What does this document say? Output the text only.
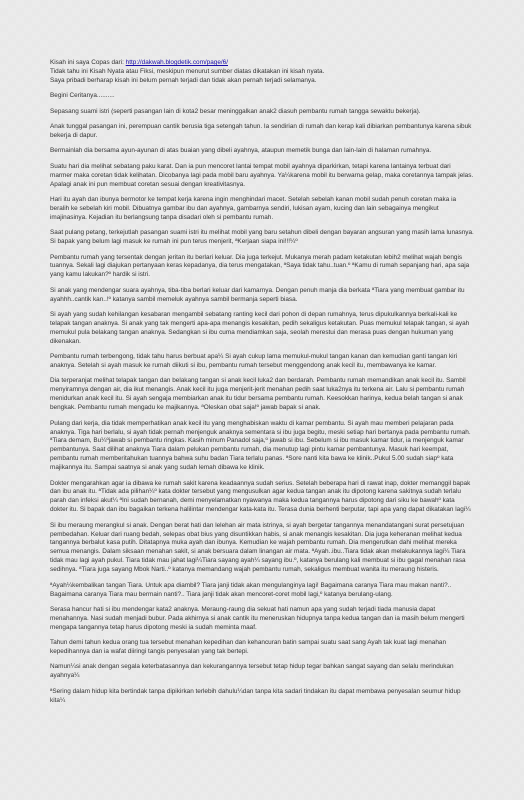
Kisah ini saya Copas dari: http://dakwah.blogdetik.com/page/6/

Tidak tahu ini Kisah Nyata atau Fiksi, meskipun menurut sumber diatas dikatakan ini kisah nyata.

Saya pribadi berharap kisah ini belum pernah terjadi dan tidak akan pernah terjadi selamanya.

Begini Ceritanya..........

Sepasang suami istri (seperti pasangan lain di kota2 besar meninggalkan anak2 diasuh pembantu rumah tangga sewaktu bekerja).

Anak tunggal pasangan ini, perempuan cantik berusia tiga setengah tahun. Ia sendirian di rumah dan kerap kali dibiarkan pembantunya karena sibuk bekerja di dapur.

Bermainlah dia bersama ayun-ayunan di atas buaian yang dibeli ayahnya, ataupun memetik bunga dan lain-lain di halaman rumahnya.

Suatu hari dia melihat sebatang paku karat. Dan ia pun mencoret lantai tempat mobil ayahnya diparkirkan, tetapi karena lantainya terbuat dari marmer maka coretan tidak kelihatan. Dicobanya lagi pada mobil baru ayahnya. Ya¼karena mobil itu berwarna gelap, maka coretannya tampak jelas. Apalagi anak ini pun membuat coretan sesuai dengan kreativitasnya.

Hari itu ayah dan ibunya bermotor ke tempat kerja karena ingin menghindari macet. Setelah sebelah kanan mobil sudah penuh coretan maka ia beralih ke sebelah kiri mobil. Dibuatnya gambar ibu dan ayahnya, gambarnya sendiri, lukisan ayam, kucing dan lain sebagainya mengikut imajinasinya. Kejadian itu berlangsung tanpa disadari oleh si pembantu rumah.

Saat pulang petang, terkejutlah pasangan suami istri itu melihat mobil yang baru setahun dibeli dengan bayaran angsuran yang masih lama lunasnya. Si bapak yang belum lagi masuk ke rumah ini pun terus menjerit, ªKerjaan siapa ini!!!¼º

Pembantu rumah yang tersentak dengan jeritan itu berlari keluar. Dia juga terkejut. Mukanya merah padam ketakutan lebih2 melihat wajah bengis tuannya. Sekali lagi diajukan pertanyaan keras kepadanya, dia terus mengatakan, ªSaya tidak tahu..tuan.º ªKamu di rumah sepanjang hari, apa saja yang kamu lakukan?º hardik si istri.

Si anak yang mendengar suara ayahnya, tiba-tiba berlari keluar dari kamarnya. Dengan penuh manja dia berkata ªTiara yang membuat gambar itu ayahhh..cantik kan..!º katanya sambil memeluk ayahnya sambil bermanja seperti biasa.

Si ayah yang sudah kehilangan kesabaran mengambil sebatang ranting kecil dari pohon di depan rumahnya, terus dipukulkannya berkali-kali ke telapak tangan anaknya. Si anak yang tak mengerti apa-apa menangis kesakitan, pedih sekaligus ketakutan. Puas memukul telapak tangan, si ayah memukul pula belakang tangan anaknya. Sedangkan si ibu cuma mendiamkan saja, seolah merestui dan merasa puas dengan hukuman yang dikenakan.

Pembantu rumah terbengong, tidak tahu harus berbuat apa¼ Si ayah cukup lama memukul-mukul tangan kanan dan kemudian ganti tangan kiri anaknya. Setelah si ayah masuk ke rumah diikuti si ibu, pembantu rumah tersebut menggendong anak kecil itu, membawanya ke kamar.

Dia terperanjat melihat telapak tangan dan belakang tangan si anak kecil luka2 dan berdarah. Pembantu rumah memandikan anak kecil itu. Sambil menyiramnya dengan air, dia ikut menangis. Anak kecil itu juga menjerit-jerit menahan pedih saat luka2nya itu terkena air. Lalu si pembantu rumah menidurkan anak kecil itu. Si ayah sengaja membiarkan anak itu tidur bersama pembantu rumah. Keesokkan harinya, kedua belah tangan si anak bengkak. Pembantu rumah mengadu ke majikannya. ªOleskan obat saja!º jawab bapak si anak.

Pulang dari kerja, dia tidak memperhatikan anak kecil itu yang menghabiskan waktu di kamar pembantu. Si ayah mau memberi pelajaran pada anaknya. Tiga hari berlalu, si ayah tidak pernah menjenguk anaknya sementara si ibu juga begitu, meski setiap hari bertanya pada pembantu rumah. ªTiara demam, Bu¼ºjawab si pembantu ringkas. Kasih minum Panadol saja,º jawab si ibu. Sebelum si ibu masuk kamar tidur, ia menjenguk kamar pembantunya. Saat dilihat anaknya Tiara dalam pelukan pembantu rumah, dia menutup lagi pintu kamar pembantunya. Masuk hari keempat, pembantu rumah memberitahukan tuannya bahwa suhu badan Tiara terlalu panas. ªSore nanti kita bawa ke klinik..Pukul 5.00 sudah siapº kata majikannya itu. Sampai saatnya si anak yang sudah lemah dibawa ke klinik.

Dokter mengarahkan agar ia dibawa ke rumah sakit karena keadaannya sudah serius. Setelah beberapa hari di rawat inap, dokter memanggil bapak dan ibu anak itu. ªTidak ada pilihan¼º kata dokter tersebut yang mengusulkan agar kedua tangan anak itu dipotong karena sakitnya sudah terlalu parah dan infeksi akut¼ ªIni sudah bernanah, demi menyelamatkan nyawanya maka kedua tangannya harus dipotong dari siku ke bawahº kata dokter itu. Si bapak dan ibu bagaikan terkena halilintar mendengar kata-kata itu. Terasa dunia berhenti berputar, tapi apa yang dapat dikatakan lagi¼

Si ibu meraung merangkul si anak. Dengan berat hati dan lelehan air mata istrinya, si ayah bergetar tangannya menandatangani surat persetujuan pembedahan. Keluar dari ruang bedah, selepas obat bius yang disuntikkan habis, si anak menangis kesakitan. Dia juga keheranan melihat kedua tangannya berbalut kasa putih. Ditatapnya muka ayah dan ibunya. Kemudian ke wajah pembantu rumah. Dia mengerutkan dahi melihat mereka semua menangis. Dalam siksaan menahan sakit, si anak bersuara dalam linangan air mata. ªAyah..ibu..Tiara tidak akan melakukannya lagi¼ Tiara tidak mau lagi ayah pukul. Tiara tidak mau jahat lagi¼Tiara sayang ayah¼ sayang ibu.º, katanya berulang kali membuat si ibu gagal menahan rasa sedihnya. ªTiara juga sayang Mbok Narti..º katanya memandang wajah pembantu rumah, sekaligus membuat wanita itu meraung histeris.

ªAyah¼kembalikan tangan Tiara. Untuk apa diambil? Tiara janji tidak akan mengulanginya lagi! Bagaimana caranya Tiara mau makan nanti?.. Bagaimana caranya Tiara mau bermain nanti?.. Tiara janji tidak akan mencoret-coret mobil lagi,º katanya berulang-ulang.

Serasa hancur hati si ibu mendengar kata2 anaknya. Meraung-raung dia sekuat hati namun apa yang sudah terjadi tiada manusia dapat menahannya. Nasi sudah menjadi bubur. Pada akhirnya si anak cantik itu meneruskan hidupnya tanpa kedua tangan dan ia masih belum mengerti mengapa tangannya tetap harus dipotong meski ia sudah meminta maaf.

Tahun demi tahun kedua orang tua tersebut menahan kepedihan dan kehancuran batin sampai suatu saat sang Ayah tak kuat lagi menahan kepedihannya dan ia wafat diiringi tangis penyesalan yang tak bertepi.

Namun¼si anak dengan segala keterbatasannya dan kekurangannya tersebut tetap hidup tegar bahkan sangat sayang dan selalu merindukan ayahnya¼

ªSering dalam hidup kita bertindak tanpa dipikirkan terlebih dahulu¼dan tanpa kita sadari tindakan itu dapat membawa penyesalan seumur hidup kita¼
